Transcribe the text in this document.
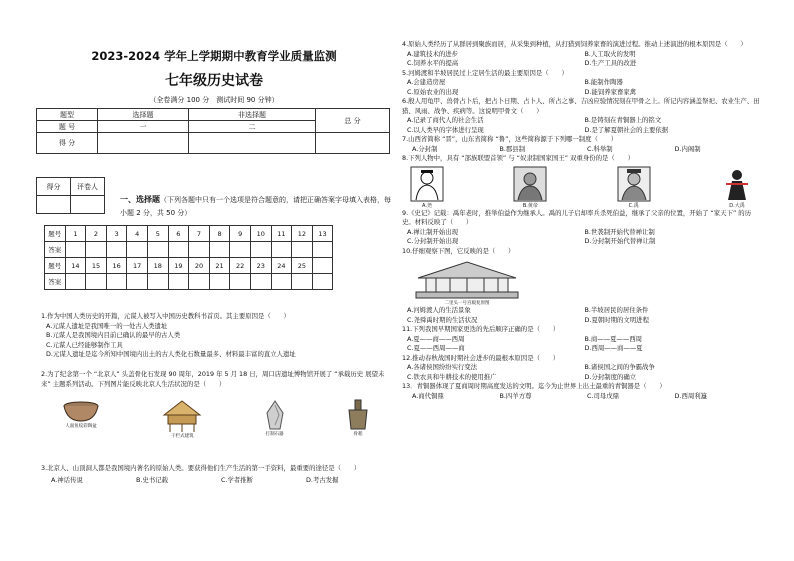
2023-2024 学年上学期期中教育学业质量监测
七年级历史试卷
（全卷满分 100 分　测试时间 90 分钟）
题型	选择题	非选择题	总 分
题 号	一	二	
得 分			
得分	评卷人

一、选择题（下列各题中只有一个选项是符合题意的，请把正确答案字母填入表格，每小题 2 分，共 50 分）
题号	1	2	3	4	5	6	7	8	9	10	11	12	13
答案													
题号	14	15	16	17	18	19	20	21	22	23	24	25	
答案													
1.作为中国人类历史的开篇，元谋人被写入中国历史教科书首页。其主要原因是（　　）
A.元谋人遗址是我国唯一的一处古人类遗址
B.元谋人是我国境内目前已确认的最早的古人类
C.元谋人已经能够制作工具
D.元谋人遗址是迄今所知中国境内出土的古人类化石数量最多、材料最丰富的直立人遗址
2.为了纪念第一个 “北京人” 头盖骨化石发现 90 周年，2019 年 5 月 18 日，周口店遗址博物馆开展了 “承载历史 展望未来” 主题系列活动。下列图片能反映北京人生活状况的是（　　）
人面鱼纹彩陶盆
干栏式建筑	打制石器	骨耜
3.北京人、山顶洞人都是我国境内著名的原始人类。要获得他们生产生活的第一手资料，最重要的途径是（　　）
A.神话传说	B.史书记载	C.学者推断	D.考古发掘
4.原始人类经历了从群居到聚族而居，从采集到种植，从打猎到饲养家畜的演进过程。推动上述演进的根本原因是（　　）
A.建筑技术的进步	B.人工取火的发明
C.饲养水平的提高	D.生产工具的改进
5.河姆渡和半坡居民过上定居生活的最主要原因是（　　）
A.会建造房屋	B.能制作陶器
C.原始农业的出现	D.能饲养家畜家禽
6.殷人用龟甲、兽骨占卜后，把占卜日期、占卜人、所占之事、吉凶应验情况刻在甲骨之上。所记内容涵盖祭祀、农业生产、田猎、风雨、战争、疾病等。这说明甲骨文（　　）
A.记录了商代人的社会生活	B.是铸刻在青铜器上的铭文
C.以人类早的字体进行呈现	D.是了解夏朝社会的主要依据
7.山西省简称 “晋”，山东省简称 “鲁”，这些简称源于下列哪一制度（　　）
A.分封制	B.郡县制	C.科举制	D.内阁制
8.下列人物中，具有 “部族联盟首领” 与 “奴隶制国家国王” 双重身份的是（　　）
A.尧	B.黄帝	C.禹	D.大禹
9.《史记》记载：禹年老时，推举伯益作为继承人。禹的儿子启却率兵杀死伯益，继承了父亲的位置，开始了 “家天下” 的历史。材料反映了（　　）
A.禅让制开始出现	B.世袭制开始代替禅让制
C.分封制开始出现	D.分封制开始代替禅让制
10.仔细观察下图，它反映的是（　　）
二里头一号宫殿复原图
A.河姆渡人的生活景象	B.半坡居民的居住条件
C.尧舜禹时期的生活状况	D.夏朝时期的文明进程
11.下列我国早期国家更迭的先后顺序正确的是（　　）
A.夏——商——西周	B.商——夏——西周
C.夏——西周——商	D.西周——商——夏
12.推动春秋战国时期社会进步的最根本原因是（　　）
A.各诸侯国纷纷实行变法	B.诸侯国之间的争霸战争
C.铁农具和牛耕技术的使用推广	D.分封制度的确立
13．青铜器体现了夏商周时期高度发达的文明。迄今为止世界上出土最重的青铜器是（　　）
A.商代铜鼎	B.四羊方尊	C.司母戊鼎	D.西周利簋
